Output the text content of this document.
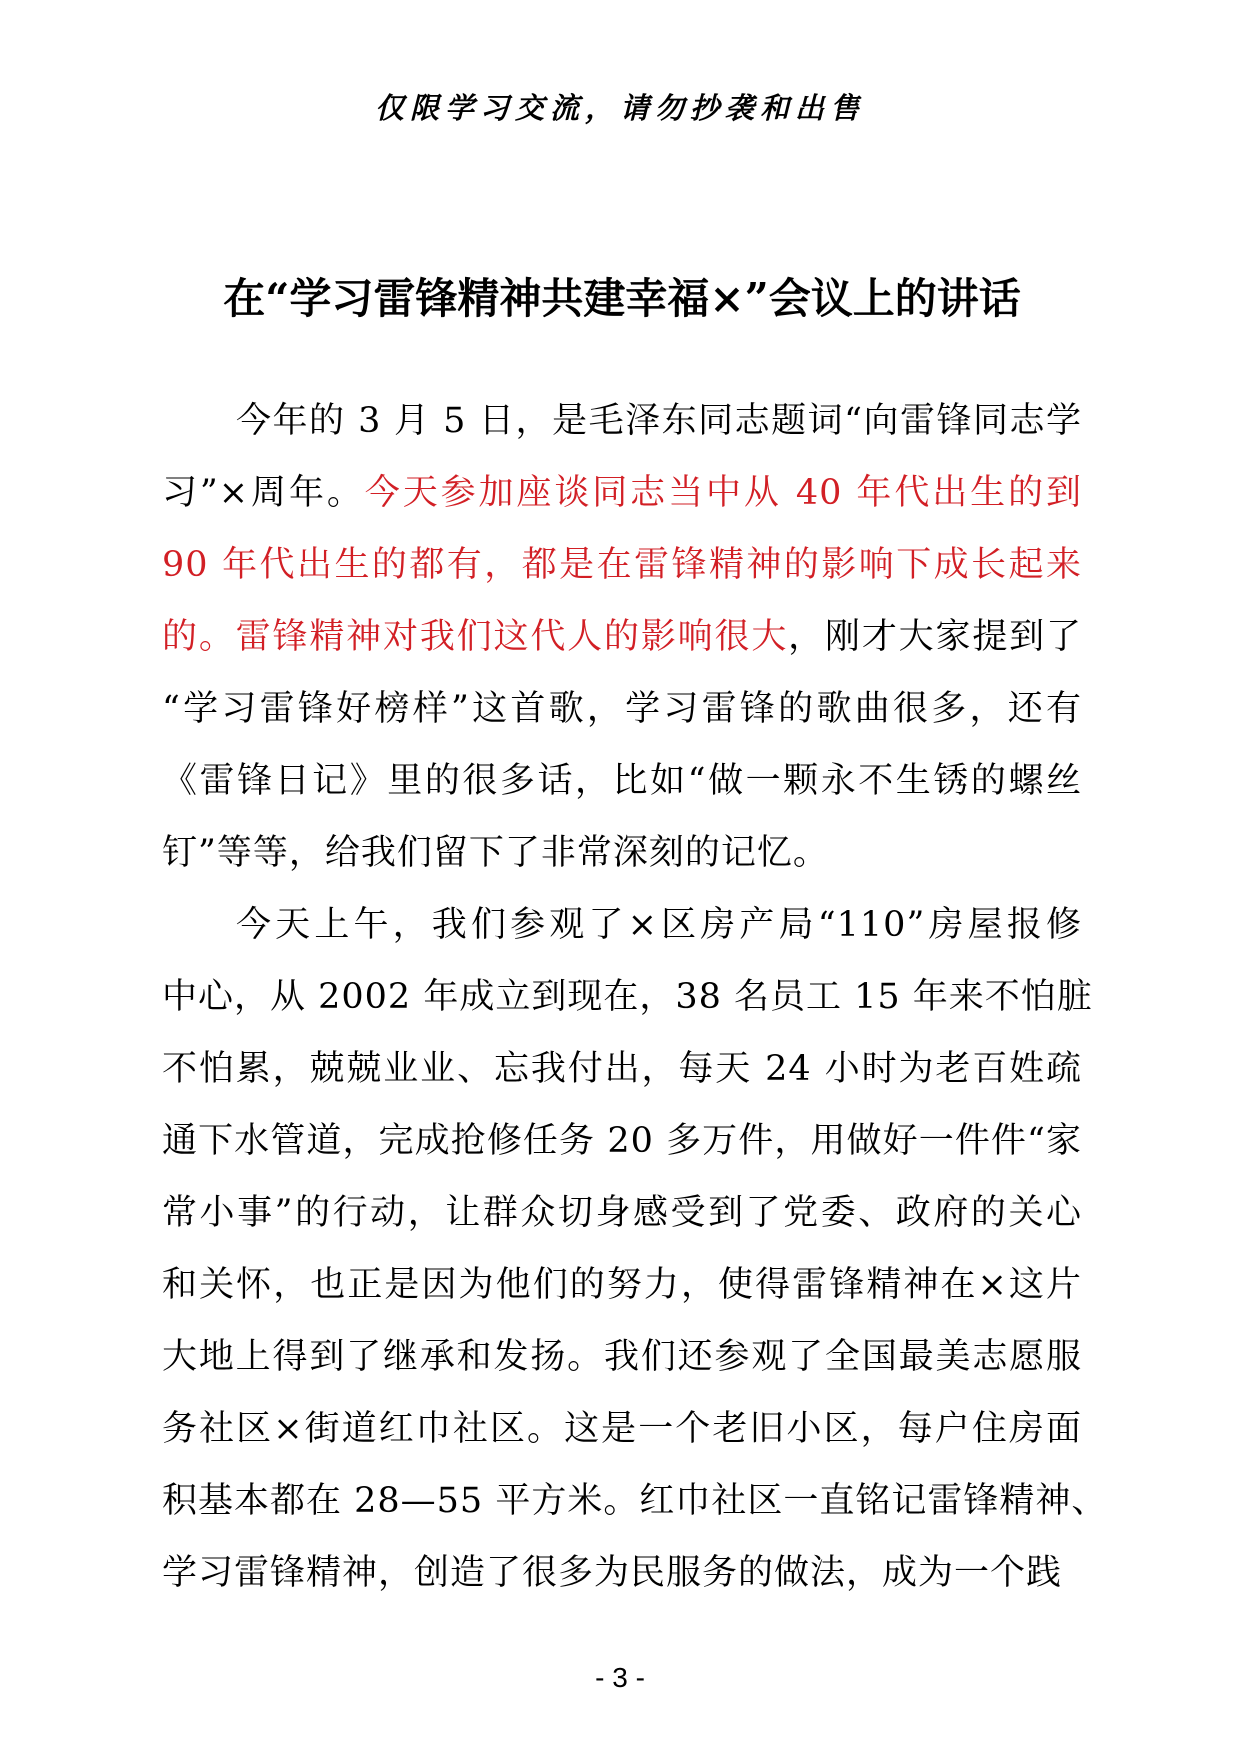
仅限学习交流，请勿抄袭和出售
在“学习雷锋精神共建幸福×”会议上的讲话

今年的 3 月 5 日，是毛泽东同志题词“向雷锋同志学
习”×周年。今天参加座谈同志当中从 40 年代出生的到
90 年代出生的都有，都是在雷锋精神的影响下成长起来
的。雷锋精神对我们这代人的影响很大，刚才大家提到了
“学习雷锋好榜样”这首歌，学习雷锋的歌曲很多，还有
《雷锋日记》里的很多话，比如“做一颗永不生锈的螺丝
钉”等等，给我们留下了非常深刻的记忆。

今天上午，我们参观了×区房产局“110”房屋报修
中心，从 2002 年成立到现在，38 名员工 15 年来不怕脏
不怕累，兢兢业业、忘我付出，每天 24 小时为老百姓疏
通下水管道，完成抢修任务 20 多万件，用做好一件件“家
常小事”的行动，让群众切身感受到了党委、政府的关心
和关怀，也正是因为他们的努力，使得雷锋精神在×这片
大地上得到了继承和发扬。我们还参观了全国最美志愿服
务社区×街道红巾社区。这是一个老旧小区，每户住房面
积基本都在 28—55 平方米。红巾社区一直铭记雷锋精神、
学习雷锋精神，创造了很多为民服务的做法，成为一个践

- 3 -
